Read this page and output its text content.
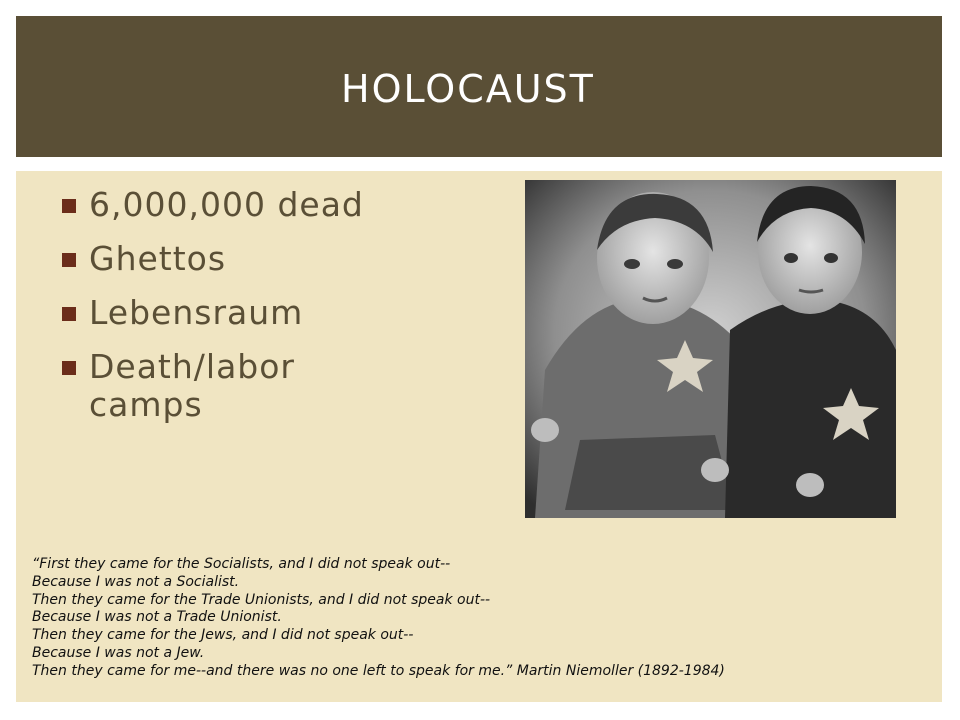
HOLOCAUST
6,000,000 dead
Ghettos
Lebensraum
Death/labor camps
“First they came for the Socialists, and I did not speak out--
Because I was not a Socialist.
Then they came for the Trade Unionists, and I did not speak out--
Because I was not a Trade Unionist.
Then they came for the Jews, and I did not speak out--
Because I was not a Jew.
Then they came for me--and there was no one left to speak for me.” Martin Niemoller (1892-1984)
